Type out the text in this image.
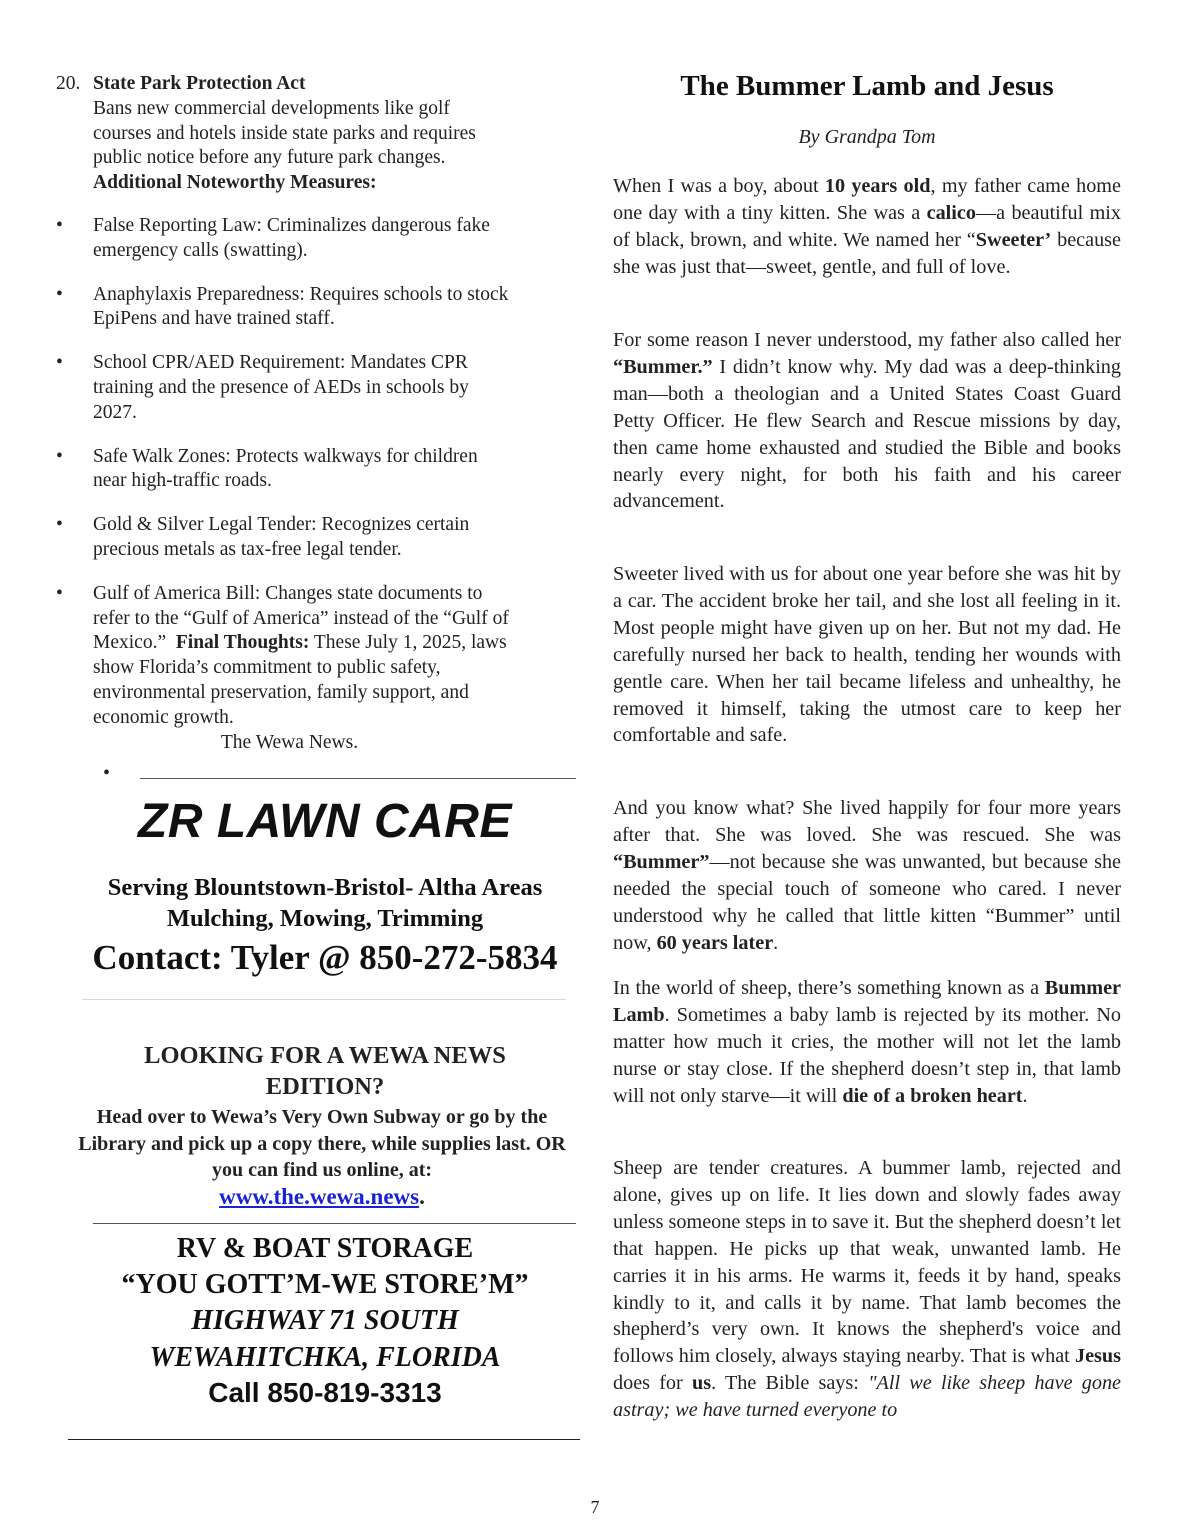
20. State Park Protection Act
Bans new commercial developments like golf courses and hotels inside state parks and requires public notice before any future park changes. Additional Noteworthy Measures:
• False Reporting Law: Criminalizes dangerous fake emergency calls (swatting).
• Anaphylaxis Preparedness: Requires schools to stock EpiPens and have trained staff.
• School CPR/AED Requirement: Mandates CPR training and the presence of AEDs in schools by 2027.
• Safe Walk Zones: Protects walkways for children near high-traffic roads.
• Gold & Silver Legal Tender: Recognizes certain precious metals as tax-free legal tender.
• Gulf of America Bill: Changes state documents to refer to the “Gulf of America” instead of the “Gulf of Mexico.” Final Thoughts: These July 1, 2025, laws show Florida’s commitment to public safety, environmental preservation, family support, and economic growth.
The Wewa News.
•
ZR LAWN CARE
Serving Blountstown-Bristol- Altha Areas
Mulching, Mowing, Trimming
Contact: Tyler @ 850-272-5834
LOOKING FOR A WEWA NEWS
EDITION?
Head over to Wewa’s Very Own Subway or go by the Library and pick up a copy there, while supplies last. OR you can find us online, at:
www.the.wewa.news.
RV & BOAT STORAGE
“YOU GOTT’M-WE STORE’M”
HIGHWAY 71 SOUTH
WEWAHITCHKA, FLORIDA
Call 850-819-3313
The Bummer Lamb and Jesus
By Grandpa Tom
When I was a boy, about 10 years old, my father came home one day with a tiny kitten. She was a calico—a beautiful mix of black, brown, and white. We named her “Sweeter’ because she was just that—sweet, gentle, and full of love.
For some reason I never understood, my father also called her “Bummer.” I didn’t know why. My dad was a deep-thinking man—both a theologian and a United States Coast Guard Petty Officer. He flew Search and Rescue missions by day, then came home exhausted and studied the Bible and books nearly every night, for both his faith and his career advancement.
Sweeter lived with us for about one year before she was hit by a car. The accident broke her tail, and she lost all feeling in it. Most people might have given up on her. But not my dad. He carefully nursed her back to health, tending her wounds with gentle care. When her tail became lifeless and unhealthy, he removed it himself, taking the utmost care to keep her comfortable and safe.
And you know what? She lived happily for four more years after that. She was loved. She was rescued. She was “Bummer”—not because she was unwanted, but because she needed the special touch of someone who cared. I never understood why he called that little kitten “Bummer” until now, 60 years later.
In the world of sheep, there’s something known as a Bummer Lamb. Sometimes a baby lamb is rejected by its mother. No matter how much it cries, the mother will not let the lamb nurse or stay close. If the shepherd doesn’t step in, that lamb will not only starve—it will die of a broken heart.
Sheep are tender creatures. A bummer lamb, rejected and alone, gives up on life. It lies down and slowly fades away unless someone steps in to save it. But the shepherd doesn’t let that happen. He picks up that weak, unwanted lamb. He carries it in his arms. He warms it, feeds it by hand, speaks kindly to it, and calls it by name. That lamb becomes the shepherd’s very own. It knows the shepherd's voice and follows him closely, always staying nearby. That is what Jesus does for us. The Bible says: "All we like sheep have gone astray; we have turned everyone to
7
